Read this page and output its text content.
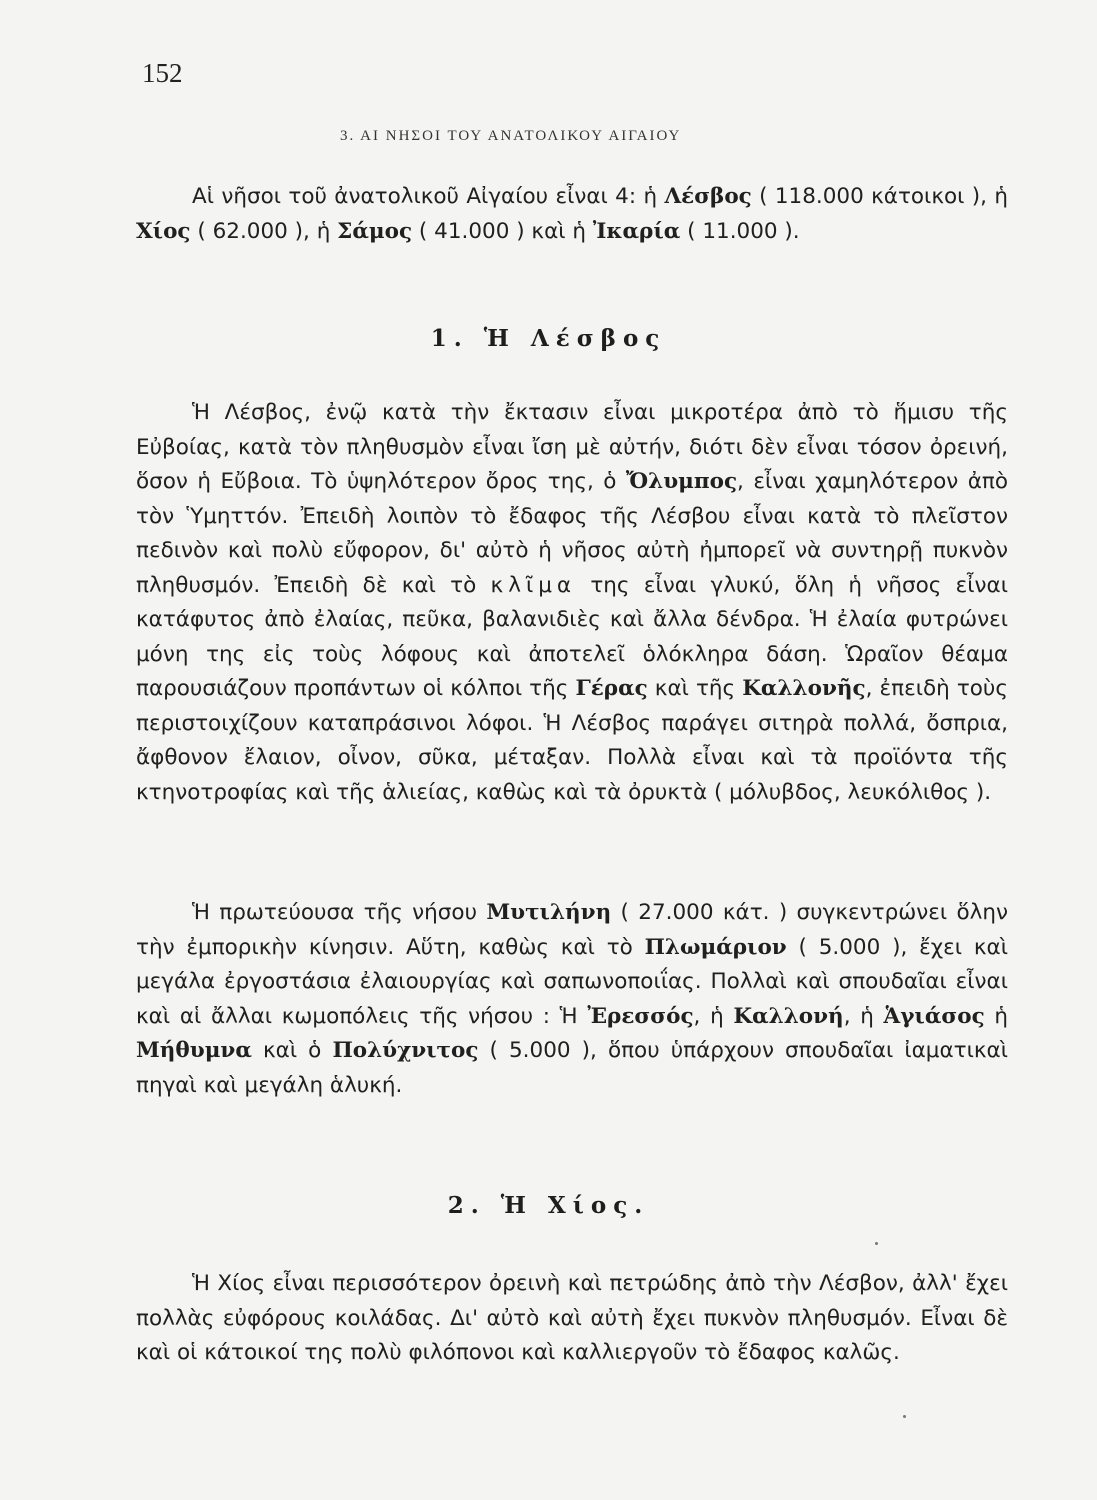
152
3. ΑΙ ΝΗΣΟΙ ΤΟΥ ΑΝΑΤΟΛΙΚΟΥ ΑΙΓΑΙΟΥ
Αἱ νῆσοι τοῦ ἀνατολικοῦ Αἰγαίου εἶναι 4: ἡ Λέσβος ( 118.000 κάτοικοι ), ἡ Χίος ( 62.000 ), ἡ Σάμος ( 41.000 ) καὶ ἡ Ἰκαρία ( 11.000 ).
1. Ἡ Λέσβος
Ἡ Λέσβος, ἐνῷ κατὰ τὴν ἔκτασιν εἶναι μικροτέρα ἀπὸ τὸ ἥμισυ τῆς Εὐβοίας, κατὰ τὸν πληθυσμὸν εἶναι ἴση μὲ αὐτήν, διότι δὲν εἶναι τόσον ὀρεινή, ὅσον ἡ Εὔβοια. Τὸ ὑψηλότερον ὄρος της, ὁ Ὄλυμπος, εἶναι χαμηλότερον ἀπὸ τὸν Ὑμηττόν. Ἐπειδὴ λοιπὸν τὸ ἔδαφος τῆς Λέσβου εἶναι κατὰ τὸ πλεῖστον πεδινὸν καὶ πολὺ εὔφορον, δι' αὐτὸ ἡ νῆσος αὐτὴ ἠμπορεῖ νὰ συντηρῇ πυκνὸν πληθυσμόν. Ἐπειδὴ δὲ καὶ τὸ κλῖμα της εἶναι γλυκύ, ὅλη ἡ νῆσος εἶναι κατάφυτος ἀπὸ ἐλαίας, πεῦκα, βαλανιδιὲς καὶ ἄλλα δένδρα. Ἡ ἐλαία φυτρώνει μόνη της εἰς τοὺς λόφους καὶ ἀποτελεῖ ὁλόκληρα δάση. Ὡραῖον θέαμα παρουσιάζουν προπάντων οἱ κόλποι τῆς Γέρας καὶ τῆς Καλλονῆς, ἐπειδὴ τοὺς περιστοιχίζουν καταπράσινοι λόφοι. Ἡ Λέσβος παράγει σιτηρὰ πολλά, ὄσπρια, ἄφθονον ἔλαιον, οἶνον, σῦκα, μέταξαν. Πολλὰ εἶναι καὶ τὰ προϊόντα τῆς κτηνοτροφίας καὶ τῆς ἁλιείας, καθὼς καὶ τὰ ὀρυκτὰ ( μόλυβδος, λευκόλιθος ).
Ἡ πρωτεύουσα τῆς νήσου Μυτιλήνη ( 27.000 κάτ. ) συγκεντρώνει ὅλην τὴν ἐμπορικὴν κίνησιν. Αὕτη, καθὼς καὶ τὸ Πλωμάριον ( 5.000 ), ἔχει καὶ μεγάλα ἐργοστάσια ἐλαιουργίας καὶ σαπωνοποιΐας. Πολλαὶ καὶ σπουδαῖαι εἶναι καὶ αἱ ἄλλαι κωμοπόλεις τῆς νήσου : Ἡ Ἐρεσσός, ἡ Καλλονή, ἡ Ἁγιάσος ἡ Μήθυμνα καὶ ὁ Πολύχνιτος ( 5.000 ), ὅπου ὑπάρχουν σπουδαῖαι ἰαματικαὶ πηγαὶ καὶ μεγάλη ἁλυκή.
2. Ἡ Χίος.
Ἡ Χίος εἶναι περισσότερον ὀρεινὴ καὶ πετρώδης ἀπὸ τὴν Λέσβον, ἀλλ' ἔχει πολλὰς εὐφόρους κοιλάδας. Δι' αὐτὸ καὶ αὐτὴ ἔχει πυκνὸν πληθυσμόν. Εἶναι δὲ καὶ οἱ κάτοικοί της πολὺ φιλόπονοι καὶ καλλιεργοῦν τὸ ἔδαφος καλῶς.
